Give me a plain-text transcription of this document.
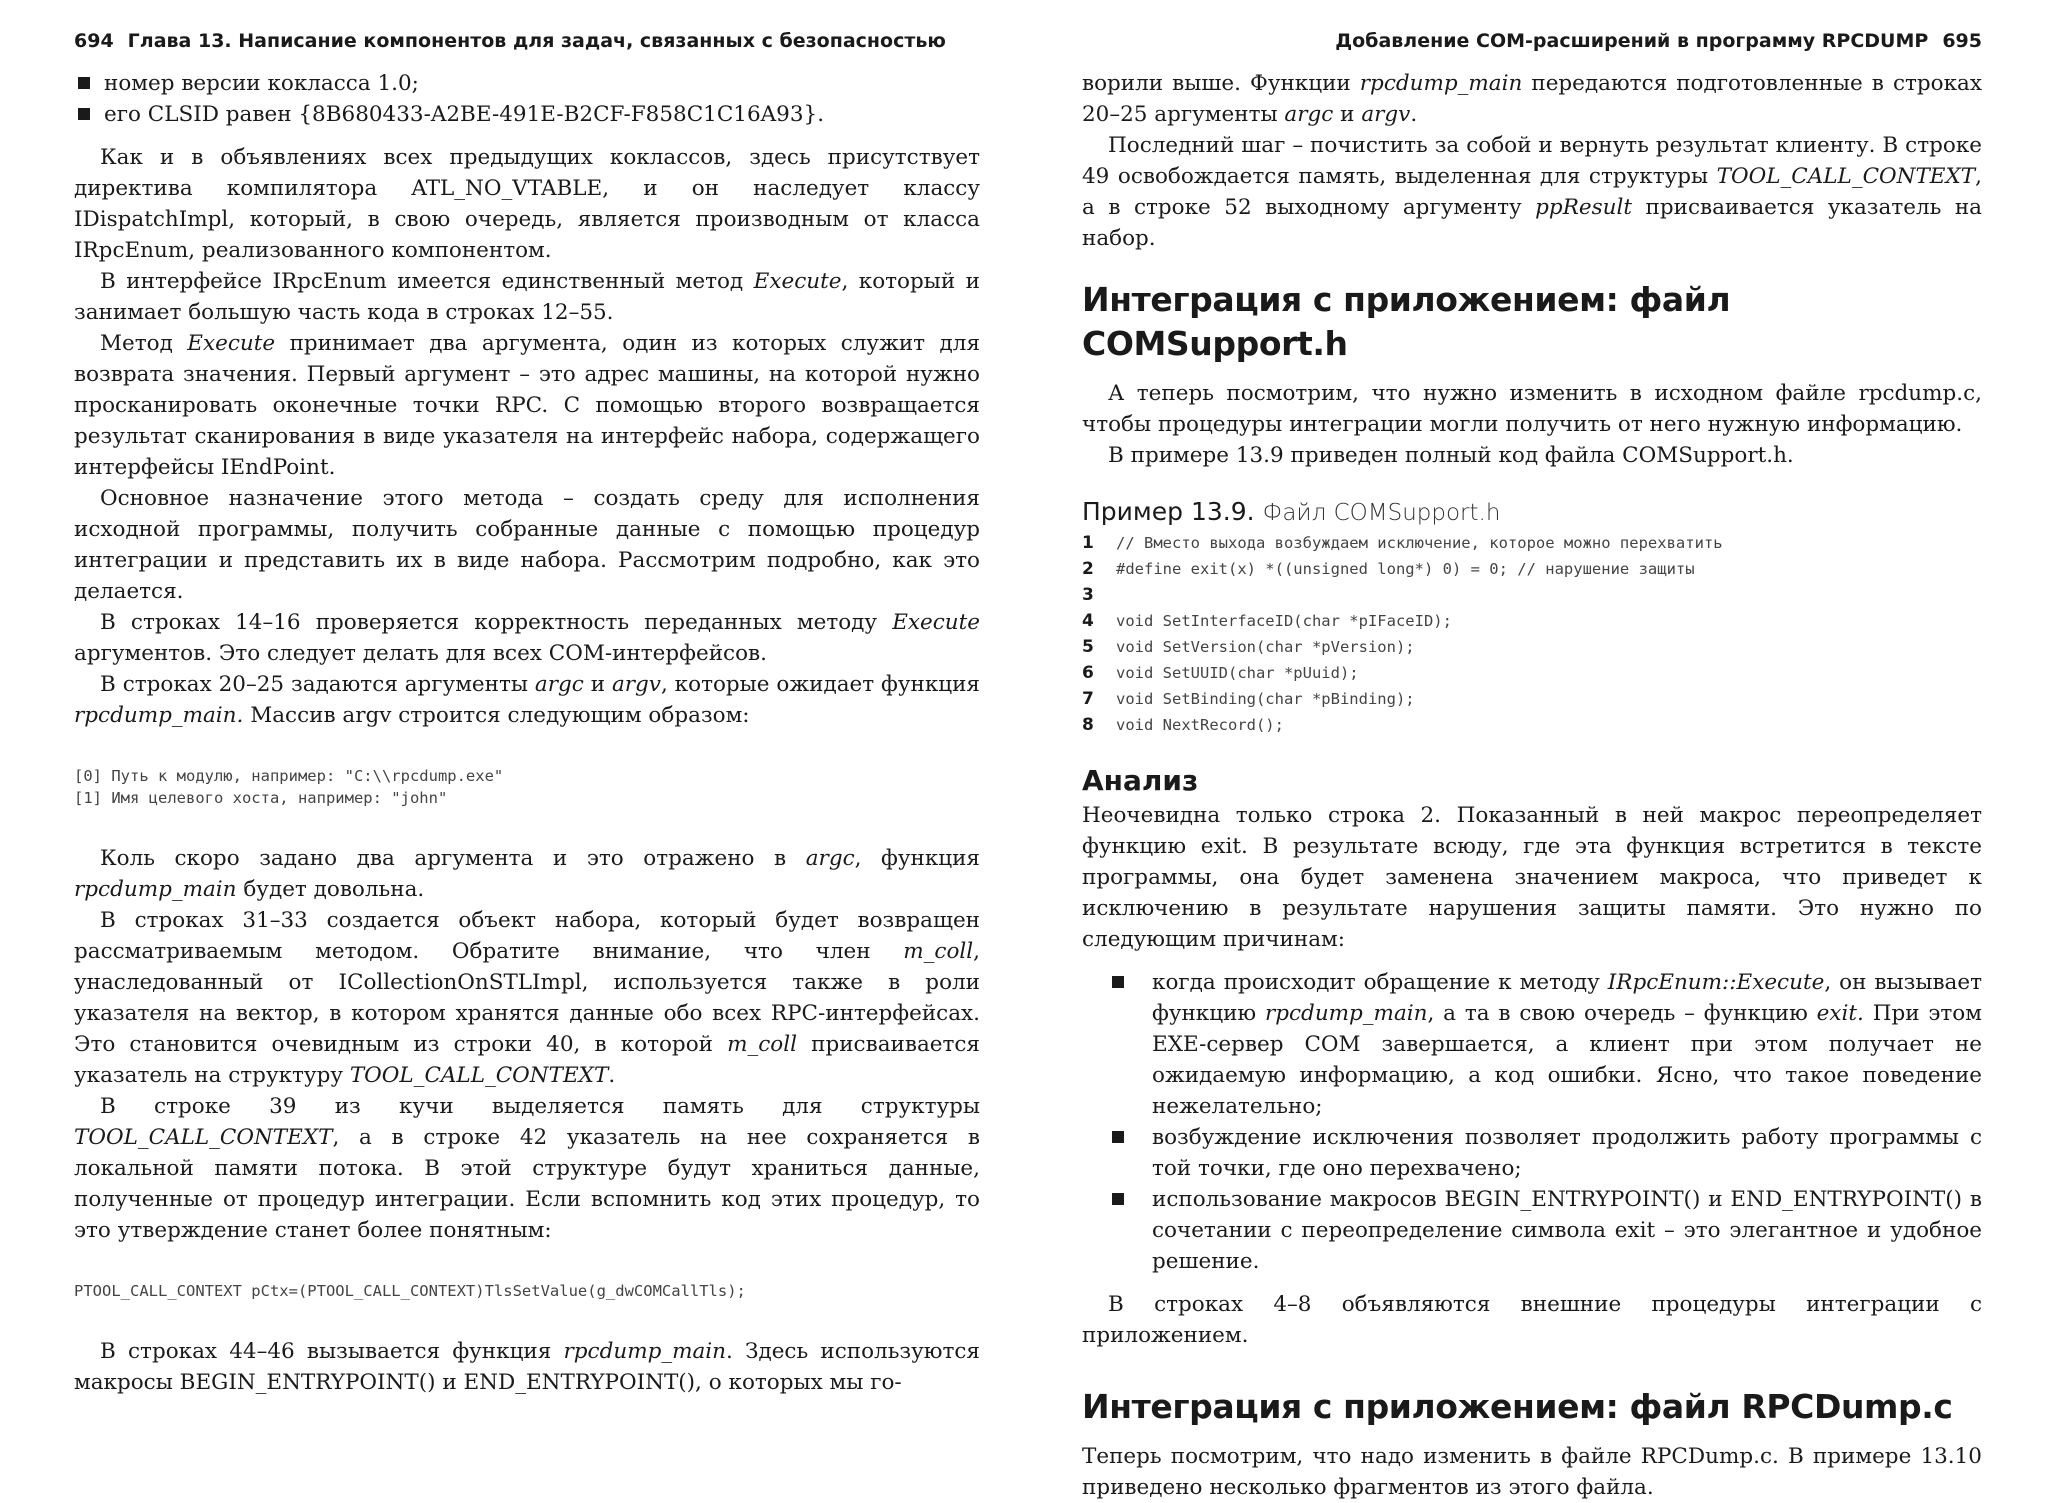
694 Глава 13. Написание компонентов для задач, связанных с безопасностью
номер версии кокласса 1.0;
его CLSID равен {8B680433-A2BE-491E-B2CF-F858C1C16A93}.

Как и в объявлениях всех предыдущих коклассов, здесь присутствует директива компилятора ATL_NO_VTABLE, и он наследует классу IDispatchImpl, который, в свою очередь, является производным от класса IRpcEnum, реализованного компонентом.

В интерфейсе IRpcEnum имеется единственный метод Execute, который и занимает большую часть кода в строках 12–55.

Метод Execute принимает два аргумента, один из которых служит для возврата значения. Первый аргумент – это адрес машины, на которой нужно просканировать оконечные точки RPC. С помощью второго возвращается результат сканирования в виде указателя на интерфейс набора, содержащего интерфейсы IEndPoint.

Основное назначение этого метода – создать среду для исполнения исходной программы, получить собранные данные с помощью процедур интеграции и представить их в виде набора. Рассмотрим подробно, как это делается.

В строках 14–16 проверяется корректность переданных методу Execute аргументов. Это следует делать для всех COM-интерфейсов.

В строках 20–25 задаются аргументы argc и argv, которые ожидает функция rpcdump_main. Массив argv строится следующим образом:

[0] Путь к модулю, например: "C:\\rpcdump.exe"
[1] Имя целевого хоста, например: "john"

Коль скоро задано два аргумента и это отражено в argc, функция rpcdump_main будет довольна.

В строках 31–33 создается объект набора, который будет возвращен рассматриваемым методом. Обратите внимание, что член m_coll, унаследованный от ICollectionOnSTLImpl, используется также в роли указателя на вектор, в котором хранятся данные обо всех RPC-интерфейсах. Это становится очевидным из строки 40, в которой m_coll присваивается указатель на структуру TOOL_CALL_CONTEXT.

В строке 39 из кучи выделяется память для структуры TOOL_CALL_CONTEXT, а в строке 42 указатель на нее сохраняется в локальной памяти потока. В этой структуре будут храниться данные, полученные от процедур интеграции. Если вспомнить код этих процедур, то это утверждение станет более понятным:

PTOOL_CALL_CONTEXT pCtx=(PTOOL_CALL_CONTEXT)TlsSetValue(g_dwCOMCallTls);

В строках 44–46 вызывается функция rpcdump_main. Здесь используются макросы BEGIN_ENTRYPOINT() и END_ENTRYPOINT(), о которых мы го-

Добавление COM-расширений в программу RPCDUMP 695

ворили выше. Функции rpcdump_main передаются подготовленные в строках 20–25 аргументы argc и argv.

Последний шаг – почистить за собой и вернуть результат клиенту. В строке 49 освобождается память, выделенная для структуры TOOL_CALL_CONTEXT, а в строке 52 выходному аргументу ppResult присваивается указатель на набор.

Интеграция с приложением: файл COMSupport.h

А теперь посмотрим, что нужно изменить в исходном файле rpcdump.c, чтобы процедуры интеграции могли получить от него нужную информацию.

В примере 13.9 приведен полный код файла COMSupport.h.

Пример 13.9. Файл COMSupport.h

1	// Вместо выхода возбуждаем исключение, которое можно перехватить
2	#define exit(x) *((unsigned long*) 0) = 0; // нарушение защиты
3
4	void SetInterfaceID(char *pIFaceID);
5	void SetVersion(char *pVersion);
6	void SetUUID(char *pUuid);
7	void SetBinding(char *pBinding);
8	void NextRecord();
Анализ

Неочевидна только строка 2. Показанный в ней макрос переопределяет функцию exit. В результате всюду, где эта функция встретится в тексте программы, она будет заменена значением макроса, что приведет к исключению в результате нарушения защиты памяти. Это нужно по следующим причинам:

когда происходит обращение к методу IRpcEnum::Execute, он вызывает функцию rpcdump_main, а та в свою очередь – функцию exit. При этом EXE-сервер COM завершается, а клиент при этом получает не ожидаемую информацию, а код ошибки. Ясно, что такое поведение нежелательно;
возбуждение исключения позволяет продолжить работу программы с той точки, где оно перехвачено;
использование макросов BEGIN_ENTRYPOINT() и END_ENTRYPOINT() в сочетании с переопределение символа exit – это элегантное и удобное решение.

В строках 4–8 объявляются внешние процедуры интеграции с приложением.

Интеграция с приложением: файл RPCDump.c

Теперь посмотрим, что надо изменить в файле RPCDump.c. В примере 13.10 приведено несколько фрагментов из этого файла.
